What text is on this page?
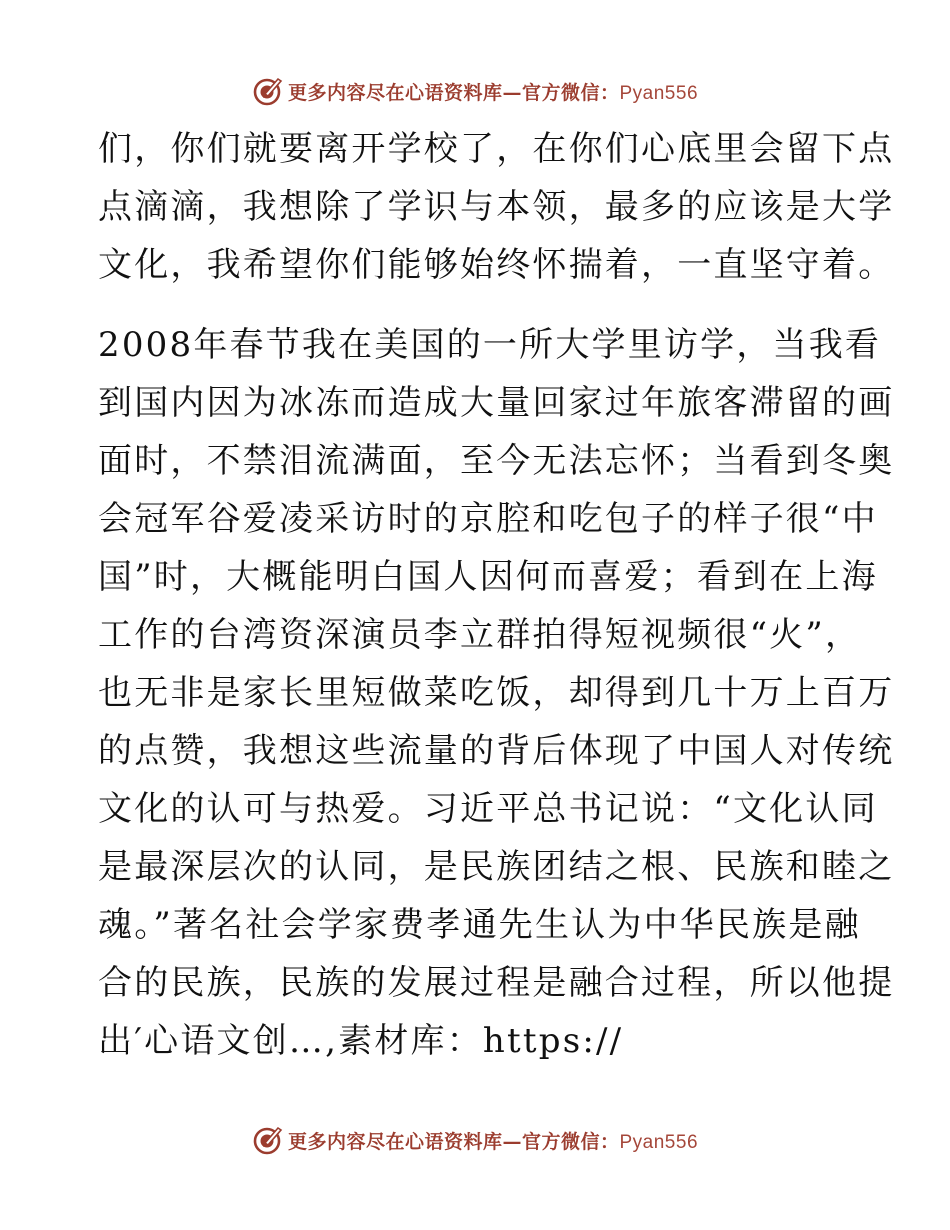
更多内容尽在心语资料库—官方微信：Pyan556

们，你们就要离开学校了，在你们心底里会留下点
点滴滴，我想除了学识与本领，最多的应该是大学
文化，我希望你们能够始终怀揣着，一直坚守着。

2008年春节我在美国的一所大学里访学，当我看
到国内因为冰冻而造成大量回家过年旅客滞留的画
面时，不禁泪流满面，至今无法忘怀；当看到冬奥
会冠军谷爱凌采访时的京腔和吃包子的样子很“中
国”时，大概能明白国人因何而喜爱；看到在上海
工作的台湾资深演员李立群拍得短视频很“火”，
也无非是家长里短做菜吃饭，却得到几十万上百万
的点赞，我想这些流量的背后体现了中国人对传统
文化的认可与热爱。习近平总书记说：“文化认同
是最深层次的认同，是民族团结之根、民族和睦之
魂。”著名社会学家费孝通先生认为中华民族是融
合的民族，民族的发展过程是融合过程，所以他提
出′心语文创…,素材库：https://

更多内容尽在心语资料库—官方微信：Pyan556
